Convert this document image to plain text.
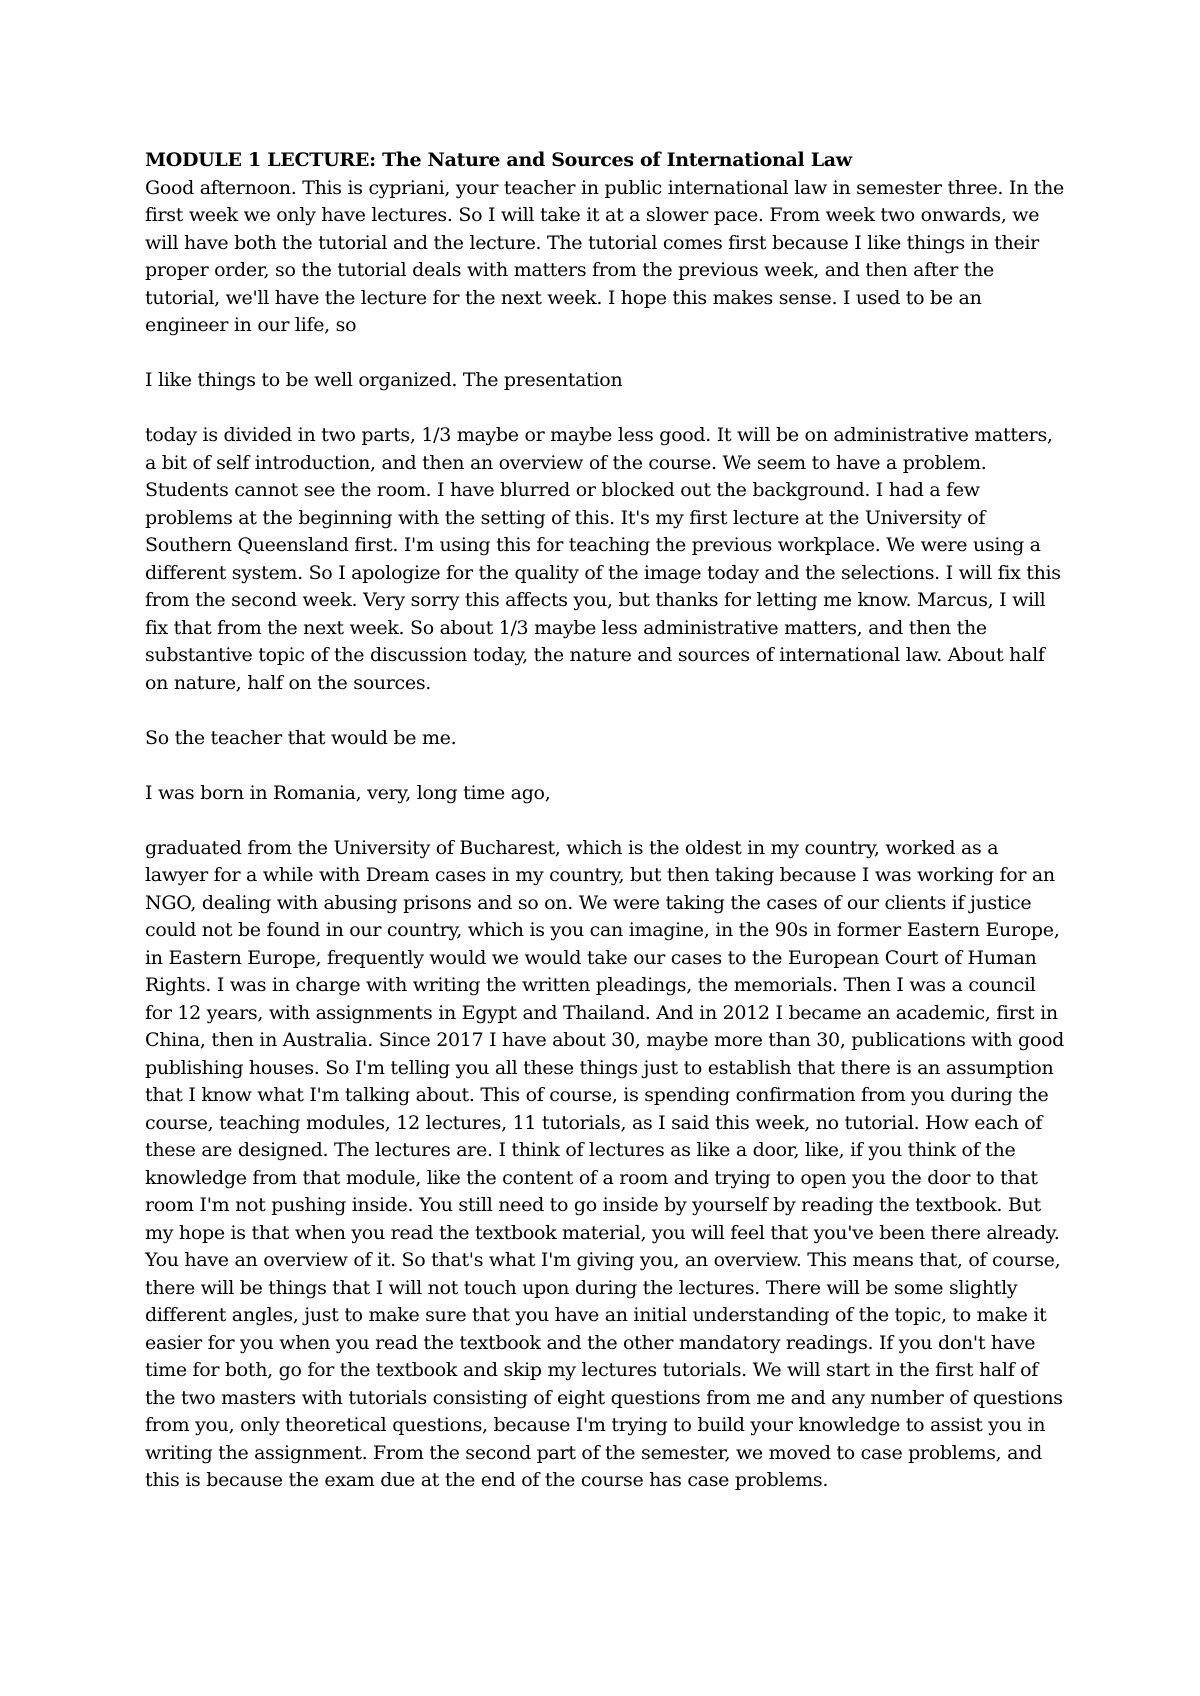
MODULE 1 LECTURE: The Nature and Sources of International Law

Good afternoon. This is cypriani, your teacher in public international law in semester three. In the first week we only have lectures. So I will take it at a slower pace. From week two onwards, we will have both the tutorial and the lecture. The tutorial comes first because I like things in their proper order, so the tutorial deals with matters from the previous week, and then after the tutorial, we'll have the lecture for the next week. I hope this makes sense. I used to be an engineer in our life, so

I like things to be well organized. The presentation

today is divided in two parts, 1/3 maybe or maybe less good. It will be on administrative matters, a bit of self introduction, and then an overview of the course. We seem to have a problem. Students cannot see the room. I have blurred or blocked out the background. I had a few problems at the beginning with the setting of this. It's my first lecture at the University of Southern Queensland first. I'm using this for teaching the previous workplace. We were using a different system. So I apologize for the quality of the image today and the selections. I will fix this from the second week. Very sorry this affects you, but thanks for letting me know. Marcus, I will fix that from the next week. So about 1/3 maybe less administrative matters, and then the substantive topic of the discussion today, the nature and sources of international law. About half on nature, half on the sources.

So the teacher that would be me.

I was born in Romania, very, long time ago,

graduated from the University of Bucharest, which is the oldest in my country, worked as a lawyer for a while with Dream cases in my country, but then taking because I was working for an NGO, dealing with abusing prisons and so on. We were taking the cases of our clients if justice could not be found in our country, which is you can imagine, in the 90s in former Eastern Europe, in Eastern Europe, frequently would we would take our cases to the European Court of Human Rights. I was in charge with writing the written pleadings, the memorials. Then I was a council for 12 years, with assignments in Egypt and Thailand. And in 2012 I became an academic, first in China, then in Australia. Since 2017 I have about 30, maybe more than 30, publications with good publishing houses. So I'm telling you all these things just to establish that there is an assumption that I know what I'm talking about. This of course, is spending confirmation from you during the course, teaching modules, 12 lectures, 11 tutorials, as I said this week, no tutorial. How each of these are designed. The lectures are. I think of lectures as like a door, like, if you think of the knowledge from that module, like the content of a room and trying to open you the door to that room I'm not pushing inside. You still need to go inside by yourself by reading the textbook. But my hope is that when you read the textbook material, you will feel that you've been there already. You have an overview of it. So that's what I'm giving you, an overview. This means that, of course, there will be things that I will not touch upon during the lectures. There will be some slightly different angles, just to make sure that you have an initial understanding of the topic, to make it easier for you when you read the textbook and the other mandatory readings. If you don't have time for both, go for the textbook and skip my lectures tutorials. We will start in the first half of the two masters with tutorials consisting of eight questions from me and any number of questions from you, only theoretical questions, because I'm trying to build your knowledge to assist you in writing the assignment. From the second part of the semester, we moved to case problems, and this is because the exam due at the end of the course has case problems.
